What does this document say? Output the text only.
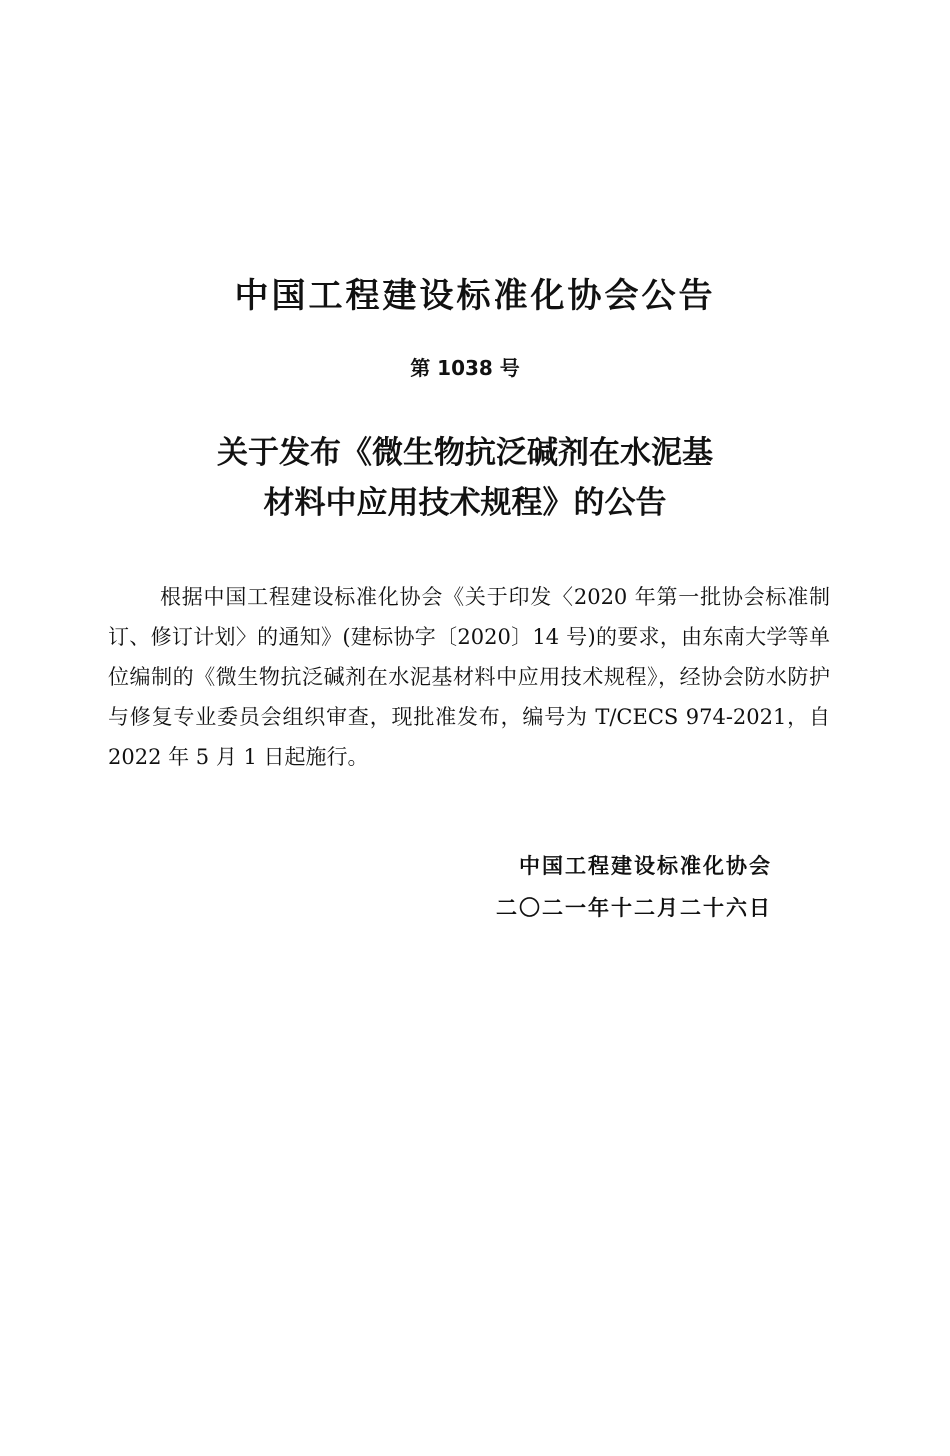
中国工程建设标准化协会公告
第 1038 号
关于发布《微生物抗泛碱剂在水泥基
材料中应用技术规程》的公告

根据中国工程建设标准化协会《关于印发〈2020 年第一批协会标准制订、修订计划〉的通知》(建标协字〔2020〕14 号)的要求，由东南大学等单位编制的《微生物抗泛碱剂在水泥基材料中应用技术规程》，经协会防水防护与修复专业委员会组织审查，现批准发布，编号为 T/CECS 974-2021，自 2022 年 5 月 1 日起施行。

中国工程建设标准化协会
二〇二一年十二月二十六日
